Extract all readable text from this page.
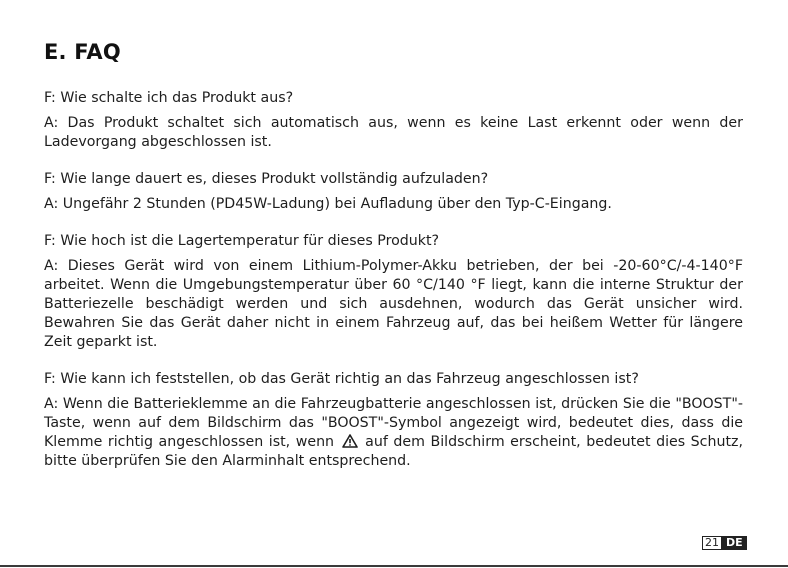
E. FAQ

F: Wie schalte ich das Produkt aus?

A: Das Produkt schaltet sich automatisch aus, wenn es keine Last erkennt oder wenn der Ladevorgang abgeschlossen ist.

F: Wie lange dauert es, dieses Produkt vollständig aufzuladen?

A: Ungefähr 2 Stunden (PD45W-Ladung) bei Aufladung über den Typ-C-Eingang.

F: Wie hoch ist die Lagertemperatur für dieses Produkt?

A: Dieses Gerät wird von einem Lithium-Polymer-Akku betrieben, der bei -20-60°C/-4-140°F arbeitet. Wenn die Umgebungstemperatur über 60 °C/140 °F liegt, kann die interne Struktur der Batteriezelle beschädigt werden und sich ausdehnen, wodurch das Gerät unsicher wird. Bewahren Sie das Gerät daher nicht in einem Fahrzeug auf, das bei heißem Wetter für längere Zeit geparkt ist.

F: Wie kann ich feststellen, ob das Gerät richtig an das Fahrzeug angeschlossen ist?

A: Wenn die Batterieklemme an die Fahrzeugbatterie angeschlossen ist, drücken Sie die "BOOST"-Taste, wenn auf dem Bildschirm das "BOOST"-Symbol angezeigt wird, bedeutet dies, dass die Klemme richtig angeschlossen ist, wenn auf dem Bildschirm erscheint, bedeutet dies Schutz, bitte überprüfen Sie den Alarminhalt entsprechend.

21 DE
